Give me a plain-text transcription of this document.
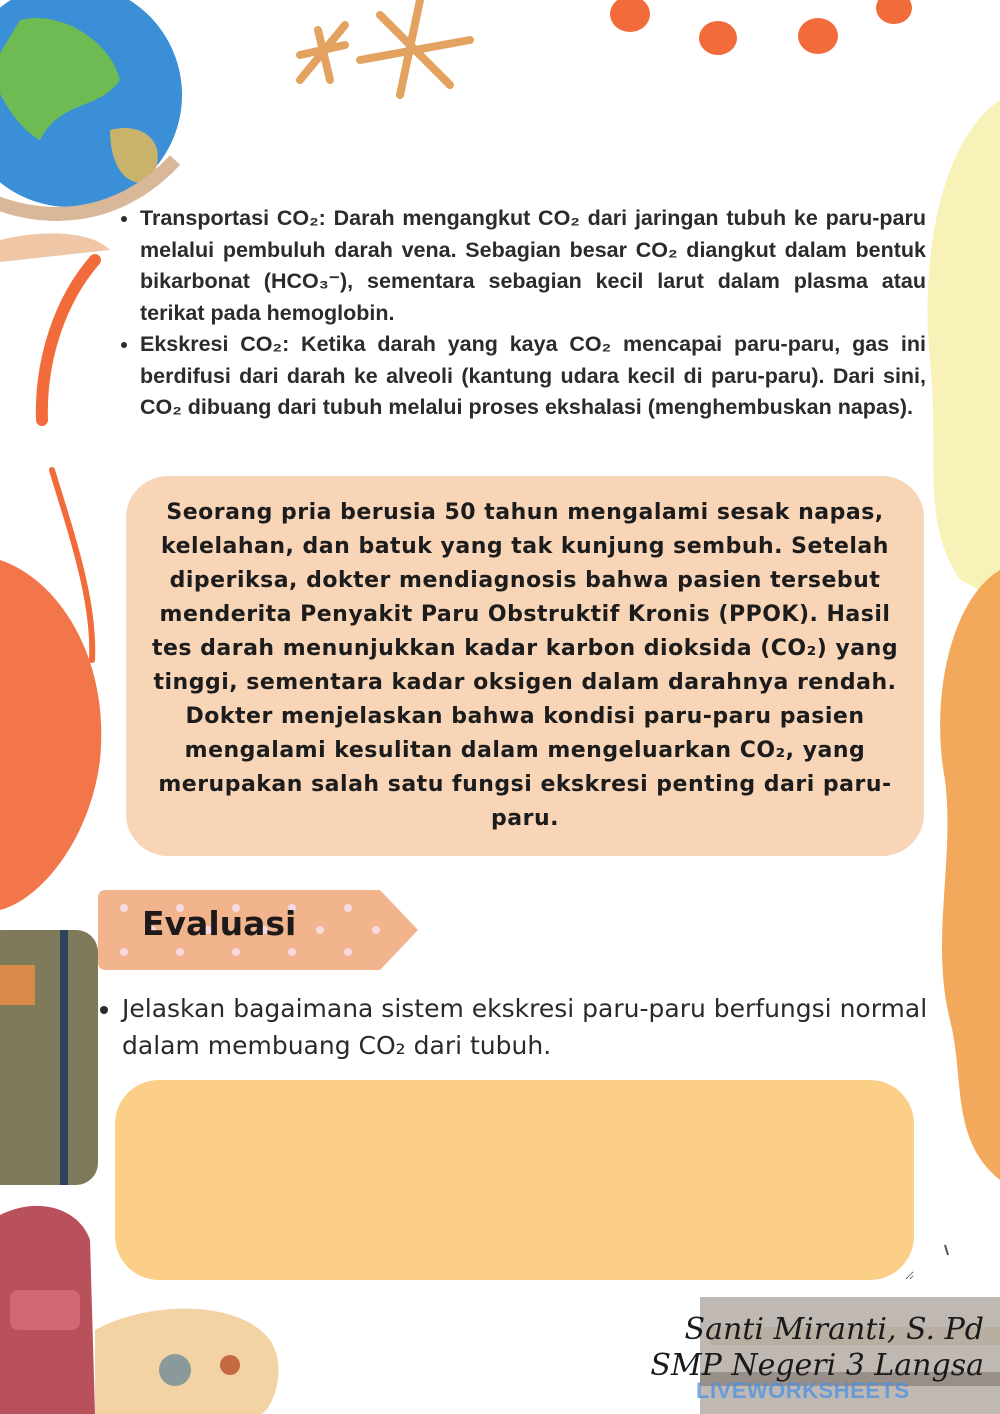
• Transportasi CO₂: Darah mengangkut CO₂ dari jaringan tubuh ke paru-paru melalui pembuluh darah vena. Sebagian besar CO₂ diangkut dalam bentuk bikarbonat (HCO₃⁻), sementara sebagian kecil larut dalam plasma atau terikat pada hemoglobin.
• Ekskresi CO₂: Ketika darah yang kaya CO₂ mencapai paru-paru, gas ini berdifusi dari darah ke alveoli (kantung udara kecil di paru-paru). Dari sini, CO₂ dibuang dari tubuh melalui proses ekshalasi (menghembuskan napas).

Seorang pria berusia 50 tahun mengalami sesak napas, kelelahan, dan batuk yang tak kunjung sembuh. Setelah diperiksa, dokter mendiagnosis bahwa pasien tersebut menderita Penyakit Paru Obstruktif Kronis (PPOK). Hasil tes darah menunjukkan kadar karbon dioksida (CO₂) yang tinggi, sementara kadar oksigen dalam darahnya rendah. Dokter menjelaskan bahwa kondisi paru-paru pasien mengalami kesulitan dalam mengeluarkan CO₂, yang merupakan salah satu fungsi ekskresi penting dari paru-paru.

Evaluasi
• Jelaskan bagaimana sistem ekskresi paru-paru berfungsi normal dalam membuang CO₂ dari tubuh.
Santi Miranti, S. Pd
SMP Negeri 3 Langsa
LIVEWORKSHEETS
